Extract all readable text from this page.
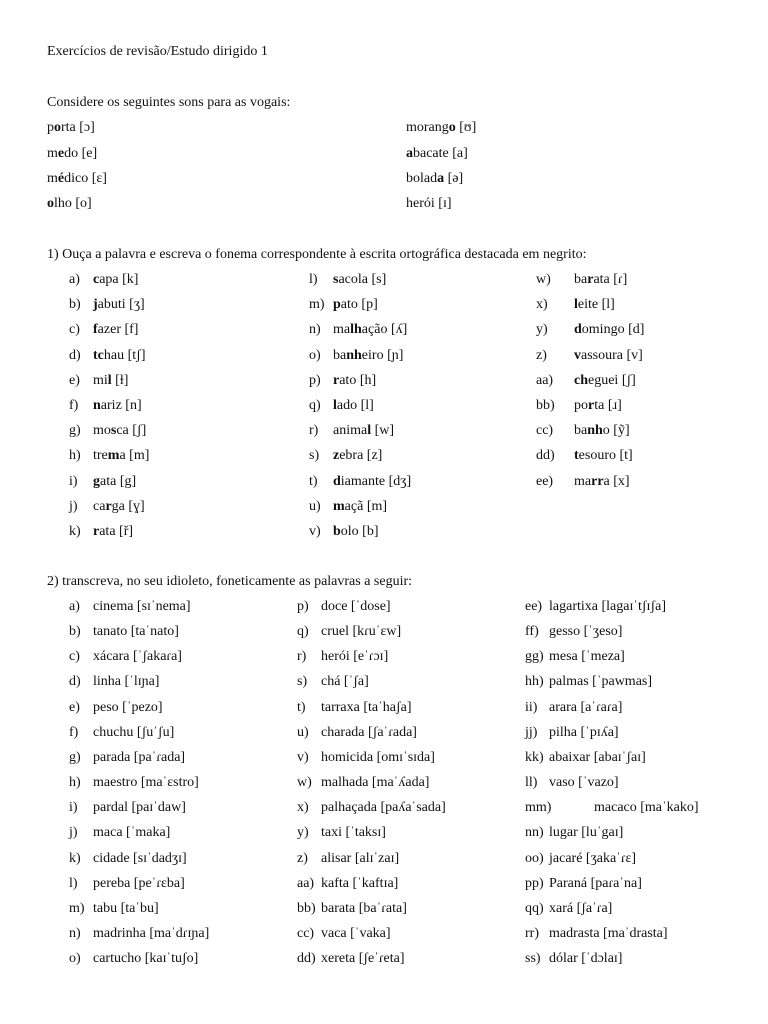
Exercícios de revisão/Estudo dirigido 1
Considere os seguintes sons para as vogais:
porta [ɔ]	morango [ʊ]
medo [e]	abacate [a]
médico [ɛ]	bolada [ə]
olho [o]	herói [ɪ]
1) Ouça a palavra e escreva o fonema correspondente à escrita ortográfica destacada em negrito:
a) capa [k]
b) jabuti [ʒ]
c) fazer [f]
d) tchau [tʃ]
e) mil [ɫ]
f) nariz [n]
g) mosca [ʃ]
h) trema [m]
i) gata [g]
j) carga [ɣ]
k) rata [ř]
l) sacola [s]
m) pato [p]
n) malhação [ʎ]
o) banheiro [ɲ]
p) rato [h]
q) lado [l]
r) animal [w]
s) zebra [z]
t) diamante [dʒ]
u) maçã [m]
v) bolo [b]
w) barata [ɾ]
x) leite [l]
y) domingo [d]
z) vassoura [v]
aa) cheguei [ʃ]
bb) porta [ɹ]
cc) banho [ỹ]
dd) tesouro [t]
ee) marra [x]
2) transcreva, no seu idioleto, foneticamente as palavras a seguir:
a) cinema [sɪˈnema]
b) tanato [taˈnato]
c) xácara [ˈʃakaɾa]
d) linha [ˈlɪɲa]
e) peso [ˈpezo]
f) chuchu [ʃuˈʃu]
g) parada [paˈɾada]
h) maestro [maˈɛstro]
i) pardal [paɪˈdaw]
j) maca [ˈmaka]
k) cidade [sɪˈdadʒɪ]
l) pereba [peˈɾɛba]
m) tabu [taˈbu]
n) madrinha [maˈdɾɪɲa]
o) cartucho [kaɪˈtuʃo]
p) doce [ˈdose]
q) cruel [kɾuˈɛw]
r) herói [eˈɾɔɪ]
s) chá [ˈʃa]
t) tarraxa [taˈhaʃa]
u) charada [ʃaˈɾada]
v) homicida [omɪˈsɪda]
w) malhada [maˈʎada]
x) palhaçada [paʎaˈsada]
y) taxi [ˈtaksɪ]
z) alisar [alɪˈzaɪ]
aa) kafta [ˈkaftɪa]
bb) barata [baˈɾata]
cc) vaca [ˈvaka]
dd) xereta [ʃeˈɾeta]
ee) lagartixa [lagaɪˈtʃɪʃa]
ff) gesso [ˈʒeso]
gg) mesa [ˈmeza]
hh) palmas [ˈpawmas]
ii) arara [aˈɾaɾa]
jj) pilha [ˈpɪʎa]
kk) abaixar [abaɪˈʃaɪ]
ll) vaso [ˈvazo]
mm)	macaco [maˈkako]
nn) lugar [luˈgaɪ]
oo) jacaré [ʒakaˈɾɛ]
pp) Paraná [paɾaˈna]
qq) xará [ʃaˈɾa]
rr) madrasta [maˈdrasta]
ss) dólar [ˈdɔlaɪ]
